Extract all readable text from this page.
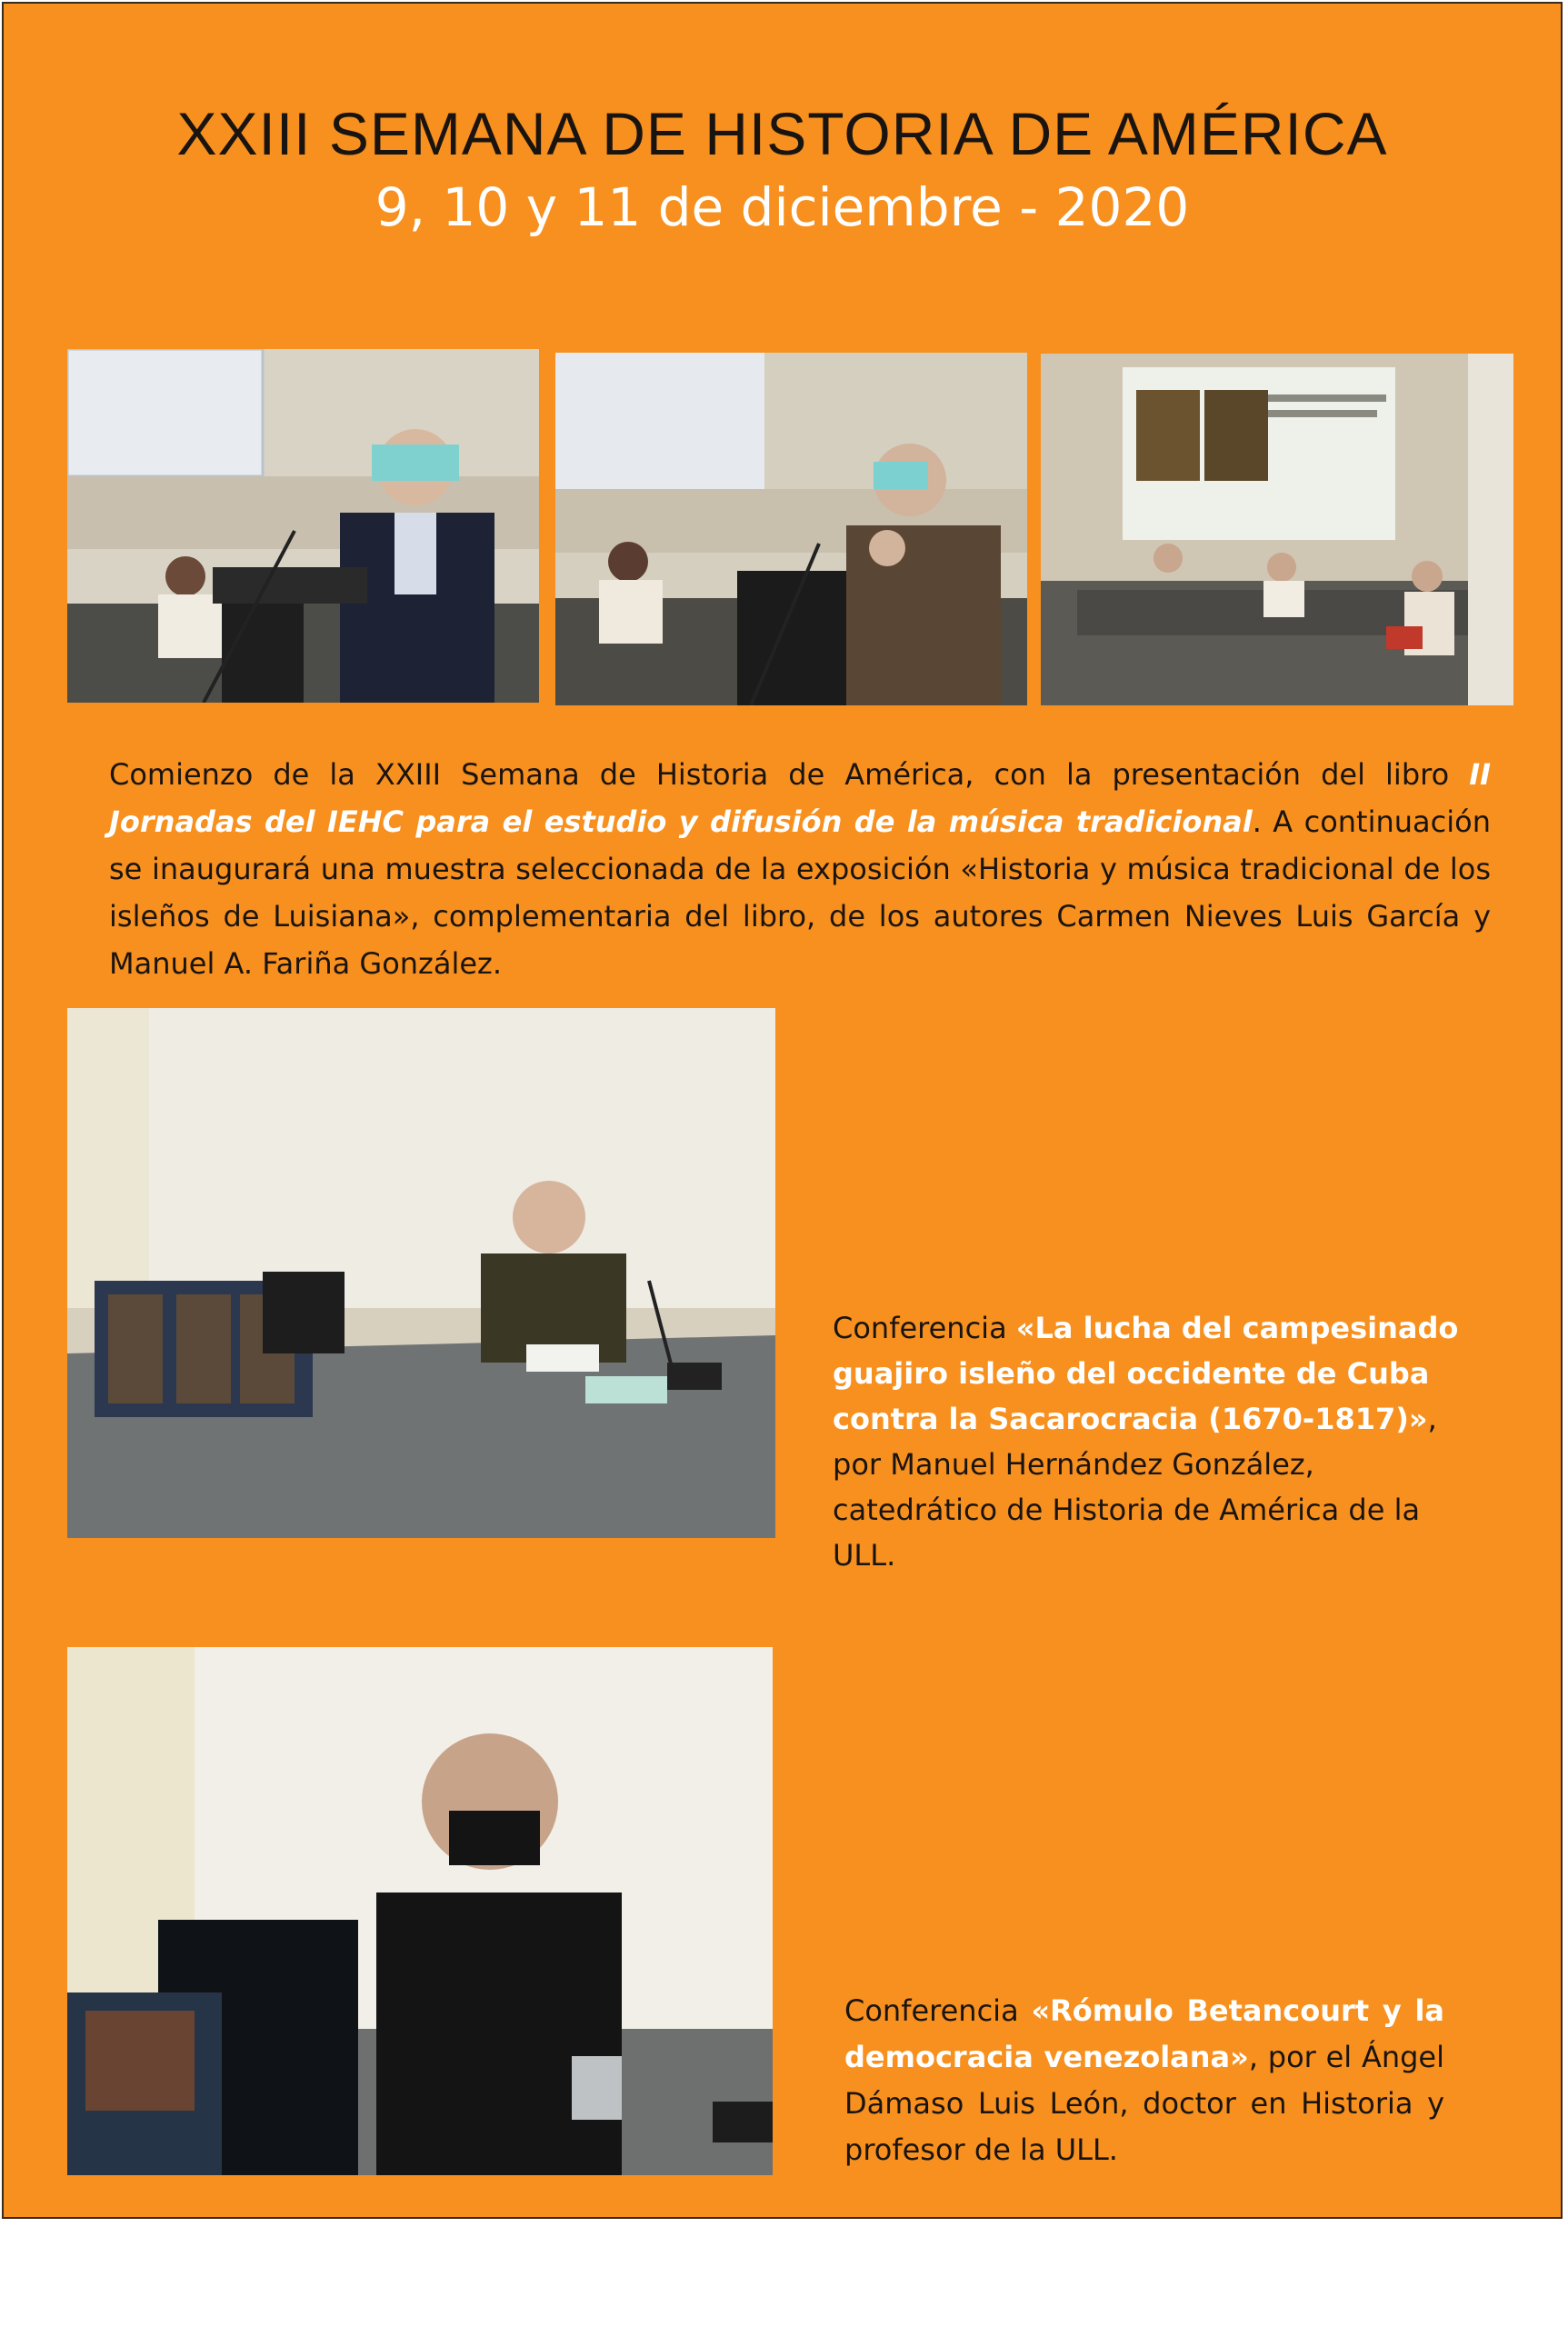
XXIII SEMANA DE HISTORIA DE AMÉRICA
9, 10 y 11 de diciembre - 2020
Comienzo de la XXIII Semana de Historia de América, con la presentación del libro II Jornadas del IEHC para el estudio y difusión de la música tradicional. A continuación se inaugurará una muestra seleccionada de la exposición «Historia y música tradicional de los isleños de Luisiana», complementaria del libro, de los autores Carmen Nieves Luis García y Manuel A. Fariña González.
Conferencia «La lucha del campesinado guajiro isleño del occidente de Cuba contra la Sacarocracia (1670-1817)», por Manuel Hernández González, catedrático de Historia de América de la ULL.
Conferencia «Rómulo Betancourt y la democracia venezolana», por el Ángel Dámaso Luis León, doctor en Historia y profesor de la ULL.
